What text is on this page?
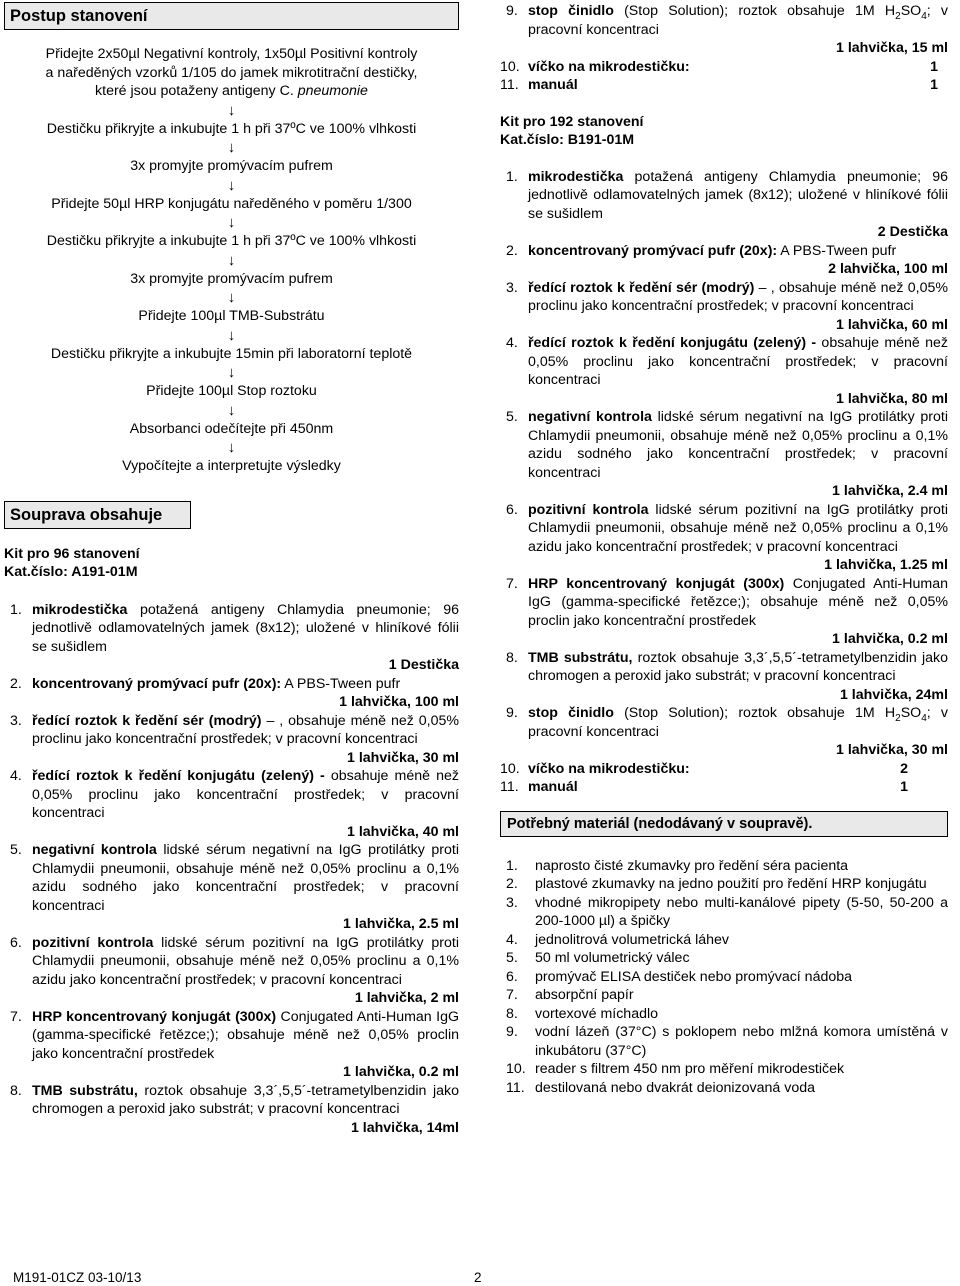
Postup stanovení
Přidejte 2x50µl Negativní kontroly, 1x50µl Positivní kontroly
a naředěných vzorků 1/105 do jamek mikrotitrační destičky,
které jsou potaženy antigeny C. pneumonie
↓
Destičku přikryjte a inkubujte 1 h při 37ºC ve 100% vlhkosti
↓
3x promyjte promývacím pufrem
↓
Přidejte 50µl HRP konjugátu naředěného v poměru 1/300
↓
Destičku přikryjte a inkubujte 1 h při 37ºC ve 100% vlhkosti
↓
3x promyjte promývacím pufrem
↓
Přidejte 100µl TMB-Substrátu
↓
Destičku přikryjte a inkubujte 15min při laboratorní teplotě
↓
Přidejte 100µl Stop roztoku
↓
Absorbanci odečítejte při 450nm
↓
Vypočítejte a interpretujte výsledky
Souprava obsahuje
Kit pro 96 stanovení
Kat.číslo: A191-01M
1. mikrodestička potažená antigeny Chlamydia pneumonie; 96 jednotlivě odlamovatelných jamek (8x12); uložené v hliníkové fólii se sušidlem
1 Destička
2. koncentrovaný promývací pufr (20x): A PBS-Tween pufr
1 lahvička, 100 ml
3. ředící roztok k ředění sér (modrý) – , obsahuje méně než 0,05% proclinu jako koncentrační prostředek; v pracovní koncentraci
1 lahvička, 30 ml
4. ředící roztok k ředění konjugátu (zelený) - obsahuje méně než 0,05% proclinu jako koncentrační prostředek; v pracovní koncentraci
1 lahvička, 40 ml
5. negativní kontrola lidské sérum negativní na IgG protilátky proti Chlamydii pneumonii, obsahuje méně než 0,05% proclinu a 0,1% azidu sodného jako koncentrační prostředek; v pracovní koncentraci
1 lahvička, 2.5 ml
6. pozitivní kontrola lidské sérum pozitivní na IgG protilátky proti Chlamydii pneumonii, obsahuje méně než 0,05% proclinu a 0,1% azidu jako koncentrační prostředek; v pracovní koncentraci
1 lahvička, 2 ml
7. HRP koncentrovaný konjugát (300x) Conjugated Anti-Human IgG (gamma-specifické řetězce;); obsahuje méně než 0,05% proclin jako koncentrační prostředek
1 lahvička, 0.2 ml
8. TMB substrátu, roztok obsahuje 3,3´,5,5´-tetrametylbenzidin jako chromogen a peroxid jako substrát; v pracovní koncentraci
1 lahvička, 14ml
9. stop činidlo (Stop Solution); roztok obsahuje 1M $H_2SO_4$; v pracovní koncentraci
1 lahvička, 15 ml
10. víčko na mikrodestičku:	1
11. manuál	1
Kit pro 192 stanovení
Kat.číslo: B191-01M
1. mikrodestička potažená antigeny Chlamydia pneumonie; 96 jednotlivě odlamovatelných jamek (8x12); uložené v hliníkové fólii se sušidlem
2 Destička
2. koncentrovaný promývací pufr (20x): A PBS-Tween pufr
2 lahvička, 100 ml
3. ředící roztok k ředění sér (modrý) – , obsahuje méně než 0,05% proclinu jako koncentrační prostředek; v pracovní koncentraci
1 lahvička, 60 ml
4. ředící roztok k ředění konjugátu (zelený) - obsahuje méně než 0,05% proclinu jako koncentrační prostředek; v pracovní koncentraci
1 lahvička, 80 ml
5. negativní kontrola lidské sérum negativní na IgG protilátky proti Chlamydii pneumonii, obsahuje méně než 0,05% proclinu a 0,1% azidu sodného jako koncentrační prostředek; v pracovní koncentraci
1 lahvička, 2.4 ml
6. pozitivní kontrola lidské sérum pozitivní na IgG protilátky proti Chlamydii pneumonii, obsahuje méně než 0,05% proclinu a 0,1% azidu jako koncentrační prostředek; v pracovní koncentraci
1 lahvička, 1.25 ml
7. HRP koncentrovaný konjugát (300x) Conjugated Anti-Human IgG (gamma-specifické řetězce;); obsahuje méně než 0,05% proclin jako koncentrační prostředek
1 lahvička, 0.2 ml
8. TMB substrátu, roztok obsahuje 3,3´,5,5´-tetrametylbenzidin jako chromogen a peroxid jako substrát; v pracovní koncentraci
1 lahvička, 24ml
9. stop činidlo (Stop Solution); roztok obsahuje 1M $H_2SO_4$; v pracovní koncentraci
1 lahvička, 30 ml
10. víčko na mikrodestičku:	2
11. manuál	1
Potřebný materiál (nedodávaný v soupravě).
1. naprosto čisté zkumavky pro ředění séra pacienta
2. plastové zkumavky na jedno použití pro ředění HRP konjugátu
3. vhodné mikropipety nebo multi-kanálové pipety (5-50, 50-200 a 200-1000 µl) a špičky
4. jednolitrová volumetrická láhev
5. 50 ml volumetrický válec
6. promývač ELISA destiček nebo promývací nádoba
7. absorpční papír
8. vortexové míchadlo
9. vodní lázeň (37°C) s poklopem nebo mlžná komora umístěná v inkubátoru (37°C)
10. reader s filtrem 450 nm pro měření mikrodestiček
11. destilovaná nebo dvakrát deionizovaná voda
M191-01CZ 03-10/13	2
